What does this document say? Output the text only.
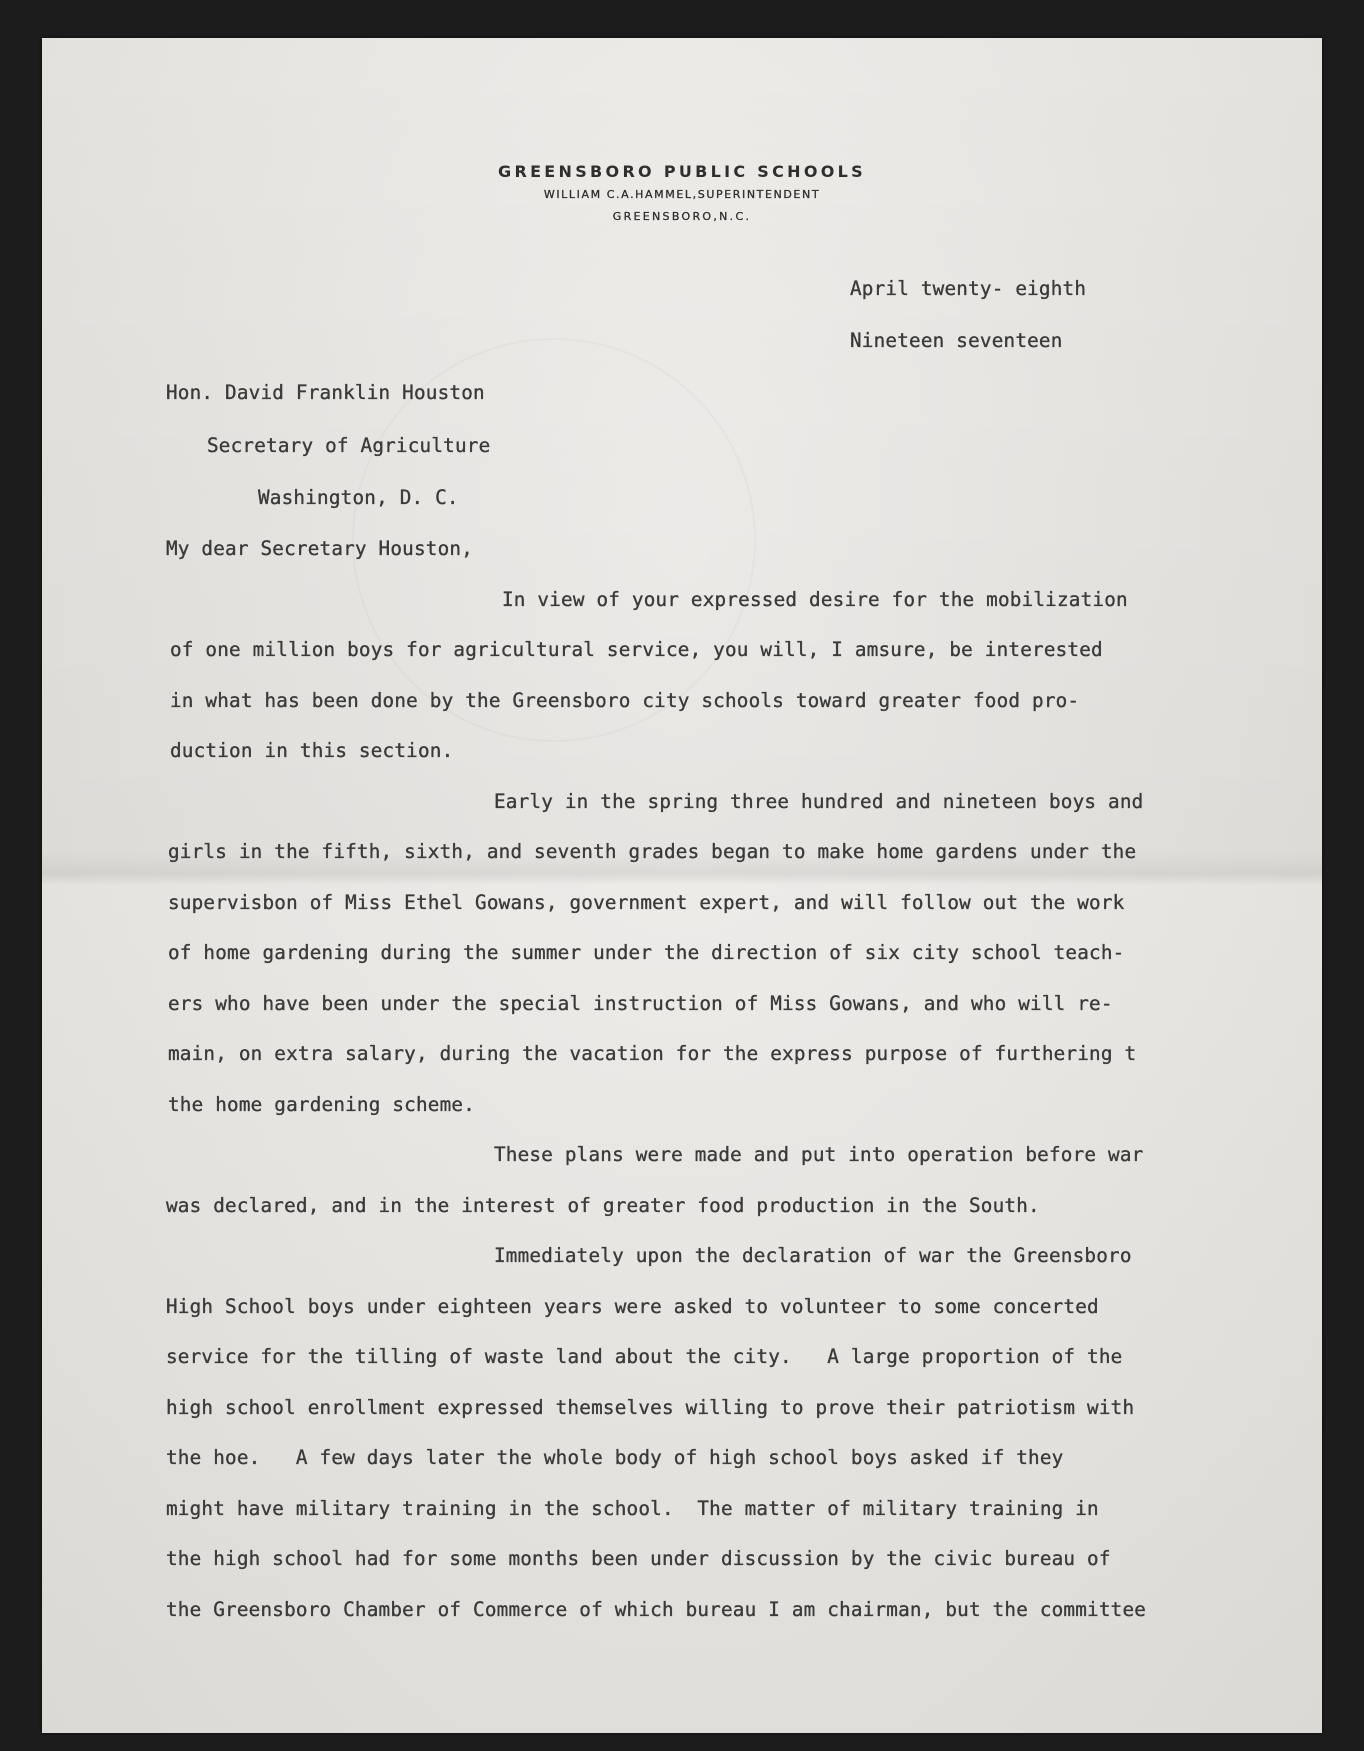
GREENSBORO PUBLIC SCHOOLS
WILLIAM C.A.HAMMEL,SUPERINTENDENT
GREENSBORO,N.C.
April twenty- eighth
Nineteen seventeen
Hon. David Franklin Houston
Secretary of Agriculture
Washington, D. C.
My dear Secretary Houston,
In view of your expressed desire for the mobilization
of one million boys for agricultural service, you will, I amsure, be interested
in what has been done by the Greensboro city schools toward greater food pro-
duction in this section.
Early in the spring three hundred and nineteen boys and
girls in the fifth, sixth, and seventh grades began to make home gardens under the
supervisbon of Miss Ethel Gowans, government expert, and will follow out the work
of home gardening during the summer under the direction of six city school teach-
ers who have been under the special instruction of Miss Gowans, and who will re-
main, on extra salary, during the vacation for the express purpose of furthering t
the home gardening scheme.
These plans were made and put into operation before war
was declared, and in the interest of greater food production in the South.
Immediately upon the declaration of war the Greensboro
High School boys under eighteen years were asked to volunteer to some concerted
service for the tilling of waste land about the city.   A large proportion of the
high school enrollment expressed themselves willing to prove their patriotism with
the hoe.   A few days later the whole body of high school boys asked if they
might have military training in the school.  The matter of military training in
the high school had for some months been under discussion by the civic bureau of
the Greensboro Chamber of Commerce of which bureau I am chairman, but the committee
